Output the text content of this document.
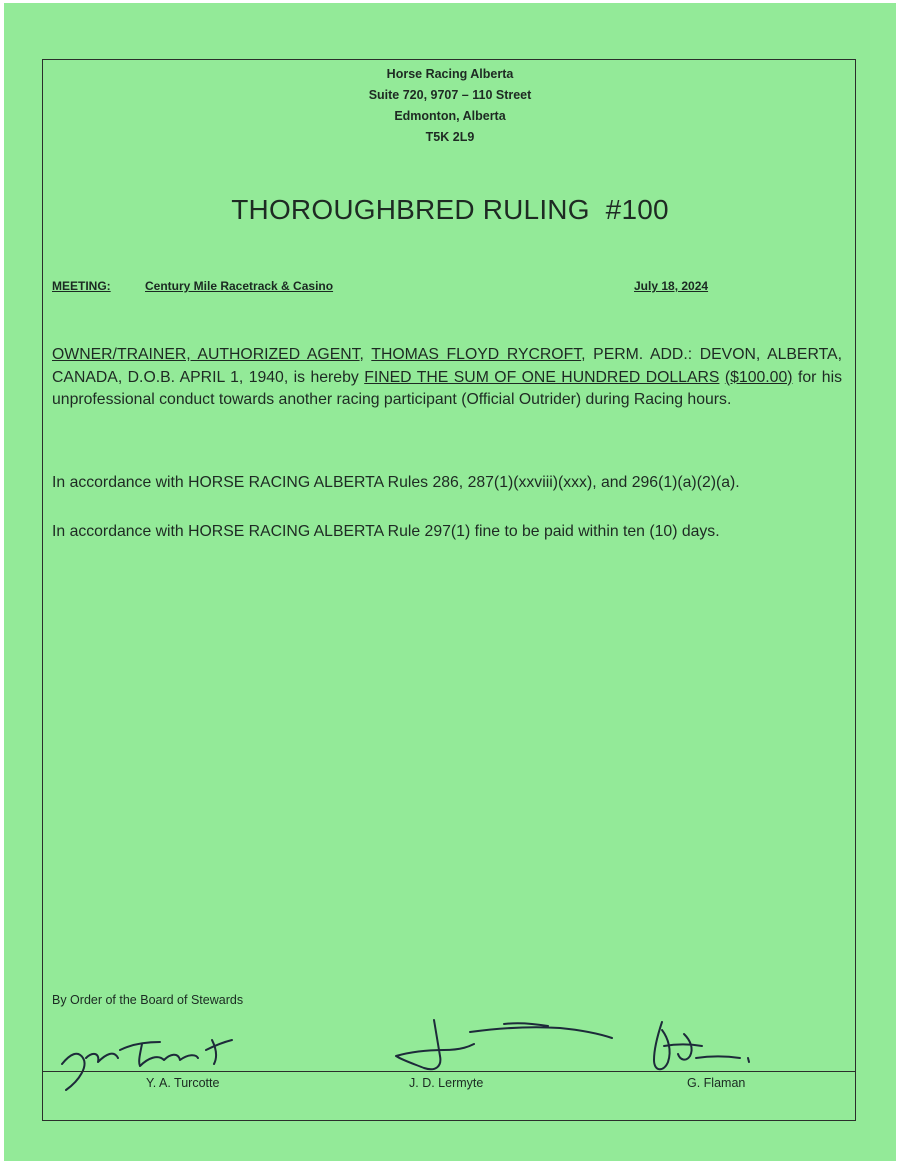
Horse Racing Alberta
Suite 720, 9707 – 110 Street
Edmonton, Alberta
T5K 2L9
THOROUGHBRED RULING  #100
MEETING:	Century Mile Racetrack & Casino	July 18, 2024
OWNER/TRAINER, AUTHORIZED AGENT, THOMAS FLOYD RYCROFT, PERM. ADD.: DEVON, ALBERTA, CANADA, D.O.B. APRIL 1, 1940, is hereby FINED THE SUM OF ONE HUNDRED DOLLARS ($100.00) for his unprofessional conduct towards another racing participant (Official Outrider) during Racing hours.
In accordance with HORSE RACING ALBERTA Rules 286, 287(1)(xxviii)(xxx), and 296(1)(a)(2)(a).
In accordance with HORSE RACING ALBERTA Rule 297(1) fine to be paid within ten (10) days.
By Order of the Board of Stewards
Y. A. Turcotte	J. D. Lermyte	G. Flaman
